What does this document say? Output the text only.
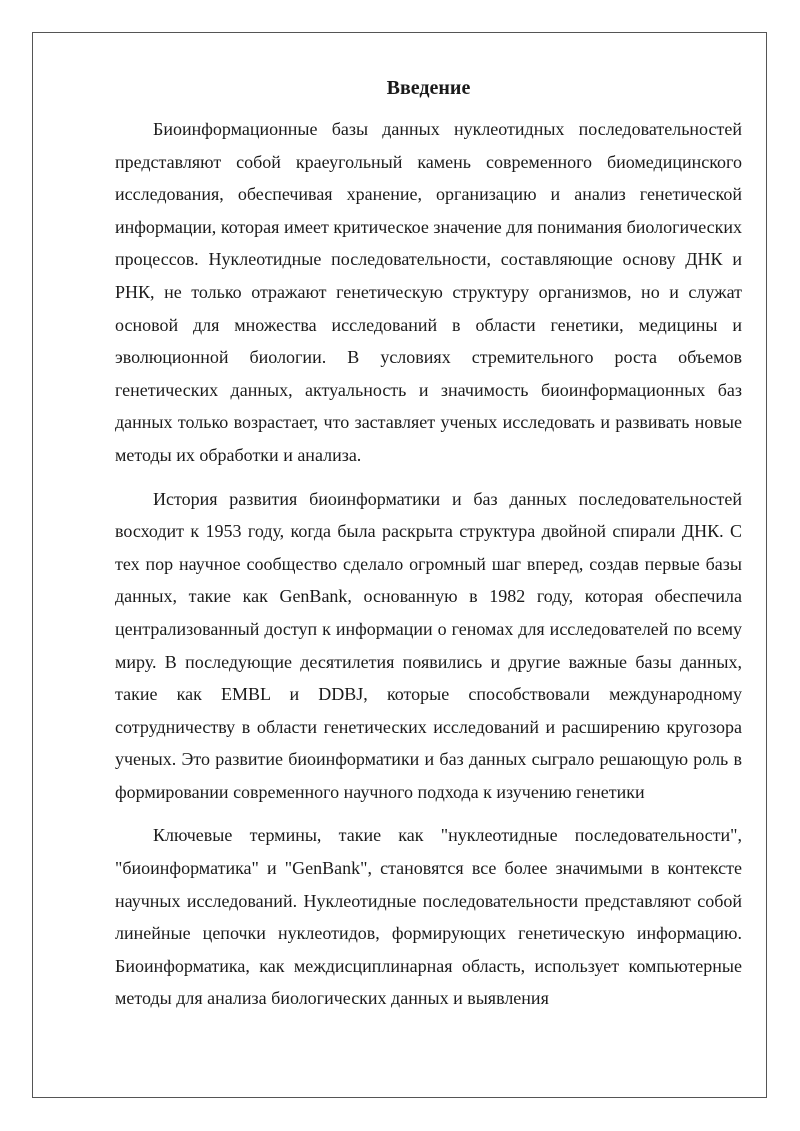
Введение

Биоинформационные базы данных нуклеотидных последовательностей представляют собой краеугольный камень современного биомедицинского исследования, обеспечивая хранение, организацию и анализ генетической информации, которая имеет критическое значение для понимания биологических процессов. Нуклеотидные последовательности, составляющие основу ДНК и РНК, не только отражают генетическую структуру организмов, но и служат основой для множества исследований в области генетики, медицины и эволюционной биологии. В условиях стремительного роста объемов генетических данных, актуальность и значимость биоинформационных баз данных только возрастает, что заставляет ученых исследовать и развивать новые методы их обработки и анализа.

История развития биоинформатики и баз данных последовательностей восходит к 1953 году, когда была раскрыта структура двойной спирали ДНК. С тех пор научное сообщество сделало огромный шаг вперед, создав первые базы данных, такие как GenBank, основанную в 1982 году, которая обеспечила централизованный доступ к информации о геномах для исследователей по всему миру. В последующие десятилетия появились и другие важные базы данных, такие как EMBL и DDBJ, которые способствовали международному сотрудничеству в области генетических исследований и расширению кругозора ученых. Это развитие биоинформатики и баз данных сыграло решающую роль в формировании современного научного подхода к изучению генетики

Ключевые термины, такие как "нуклеотидные последовательности", "биоинформатика" и "GenBank", становятся все более значимыми в контексте научных исследований. Нуклеотидные последовательности представляют собой линейные цепочки нуклеотидов, формирующих генетическую информацию. Биоинформатика, как междисциплинарная область, использует компьютерные методы для анализа биологических данных и выявления
